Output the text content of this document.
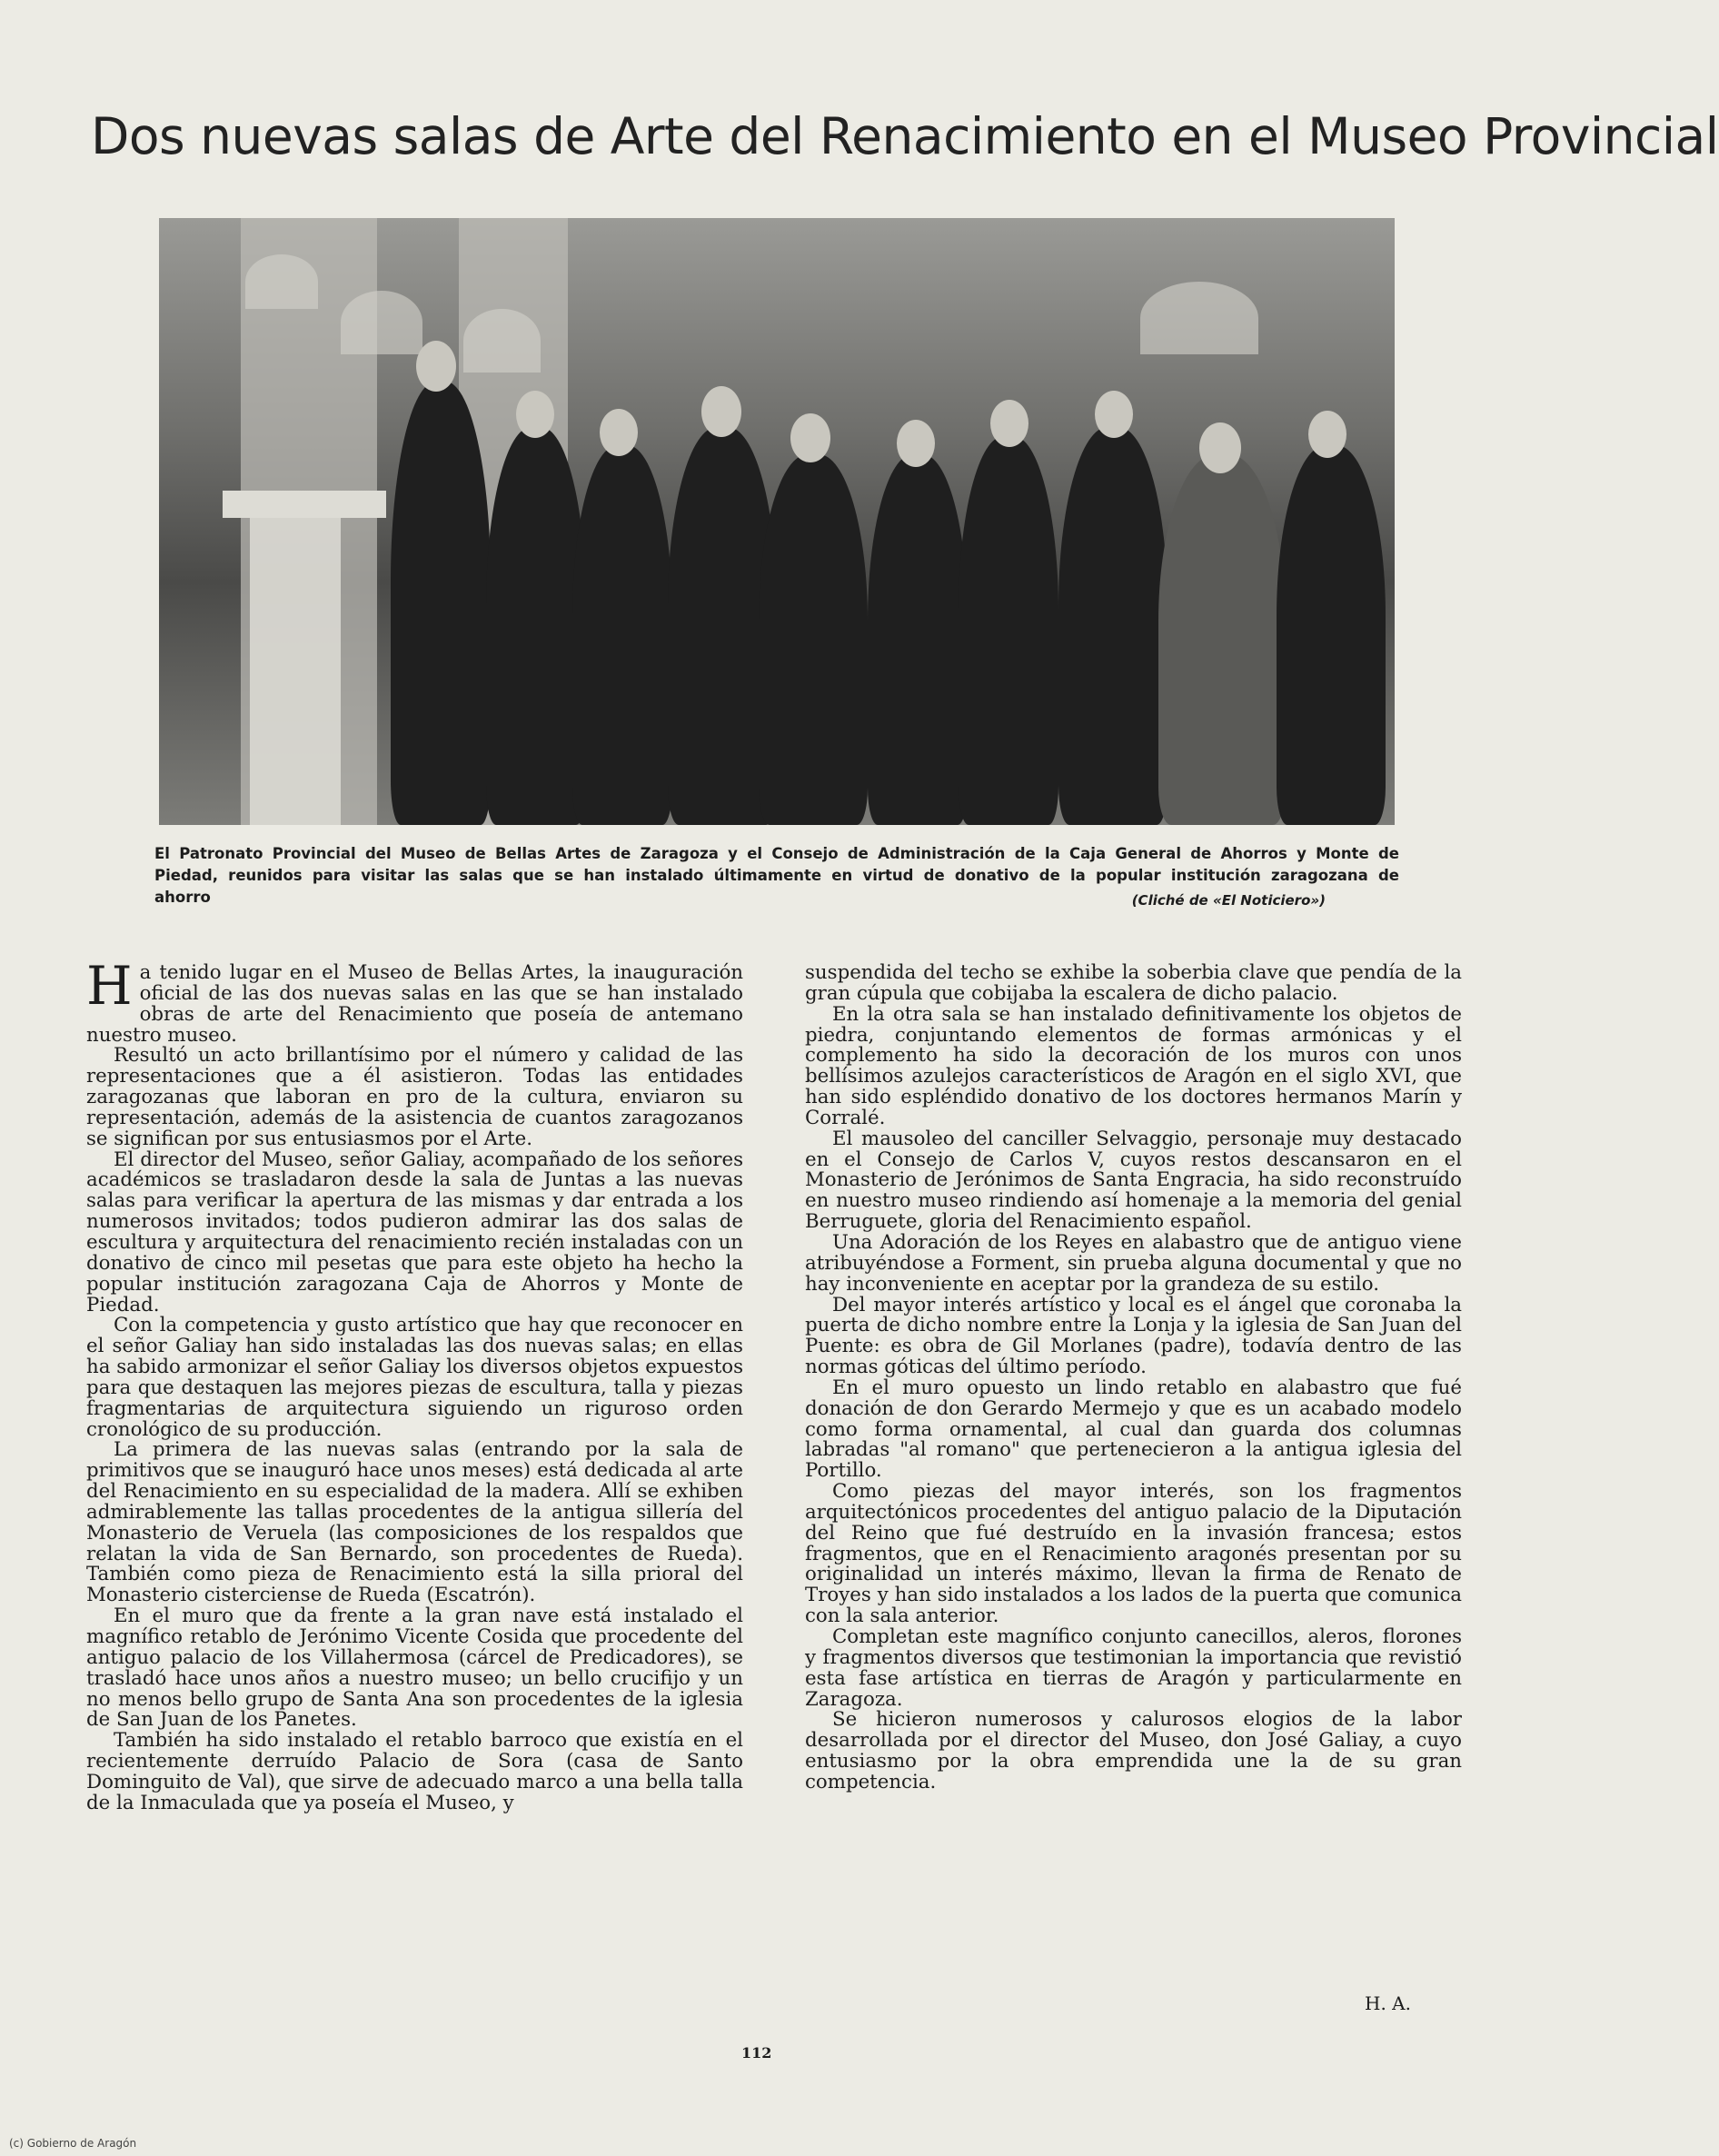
Dos nuevas salas de Arte del Renacimiento en el Museo Provincial
El Patronato Provincial del Museo de Bellas Artes de Zaragoza y el Consejo de Administración de la Caja General de Ahorros y Monte de
Piedad, reunidos para visitar las salas que se han instalado últimamente en virtud de donativo de la popular institución zaragozana de ahorro	(Cliché de «El Noticiero»)

Ha tenido lugar en el Museo de Bellas Artes, la inauguración oficial de las dos nuevas salas en las que se han instalado obras de arte del Renacimiento que poseía de antemano nuestro museo.

Resultó un acto brillantísimo por el número y calidad de las representaciones que a él asistieron. Todas las entidades zaragozanas que laboran en pro de la cultura, enviaron su representación, además de la asistencia de cuantos zaragozanos se significan por sus entusiasmos por el Arte.

El director del Museo, señor Galiay, acompañado de los señores académicos se trasladaron desde la sala de Juntas a las nuevas salas para verificar la apertura de las mismas y dar entrada a los numerosos invitados; todos pudieron admirar las dos salas de escultura y arquitectura del renacimiento recién instaladas con un donativo de cinco mil pesetas que para este objeto ha hecho la popular institución zaragozana Caja de Ahorros y Monte de Piedad.

Con la competencia y gusto artístico que hay que reconocer en el señor Galiay han sido instaladas las dos nuevas salas; en ellas ha sabido armonizar el señor Galiay los diversos objetos expuestos para que destaquen las mejores piezas de escultura, talla y piezas fragmentarias de arquitectura siguiendo un riguroso orden cronológico de su producción.

La primera de las nuevas salas (entrando por la sala de primitivos que se inauguró hace unos meses) está dedicada al arte del Renacimiento en su especialidad de la madera. Allí se exhiben admirablemente las tallas procedentes de la antigua sillería del Monasterio de Veruela (las composiciones de los respaldos que relatan la vida de San Bernardo, son procedentes de Rueda). También como pieza de Renacimiento está la silla prioral del Monasterio cisterciense de Rueda (Escatrón).

En el muro que da frente a la gran nave está instalado el magnífico retablo de Jerónimo Vicente Cosida que procedente del antiguo palacio de los Villahermosa (cárcel de Predicadores), se trasladó hace unos años a nuestro museo; un bello crucifijo y un no menos bello grupo de Santa Ana son procedentes de la iglesia de San Juan de los Panetes.

También ha sido instalado el retablo barroco que existía en el recientemente derruído Palacio de Sora (casa de Santo Dominguito de Val), que sirve de adecuado marco a una bella talla de la Inmaculada que ya poseía el Museo, y

suspendida del techo se exhibe la soberbia clave que pendía de la gran cúpula que cobijaba la escalera de dicho palacio.

En la otra sala se han instalado definitivamente los objetos de piedra, conjuntando elementos de formas armónicas y el complemento ha sido la decoración de los muros con unos bellísimos azulejos característicos de Aragón en el siglo XVI, que han sido espléndido donativo de los doctores hermanos Marín y Corralé.

El mausoleo del canciller Selvaggio, personaje muy destacado en el Consejo de Carlos V, cuyos restos descansaron en el Monasterio de Jerónimos de Santa Engracia, ha sido reconstruído en nuestro museo rindiendo así homenaje a la memoria del genial Berruguete, gloria del Renacimiento español.

Una Adoración de los Reyes en alabastro que de antiguo viene atribuyéndose a Forment, sin prueba alguna documental y que no hay inconveniente en aceptar por la grandeza de su estilo.

Del mayor interés artístico y local es el ángel que coronaba la puerta de dicho nombre entre la Lonja y la iglesia de San Juan del Puente: es obra de Gil Morlanes (padre), todavía dentro de las normas góticas del último período.

En el muro opuesto un lindo retablo en alabastro que fué donación de don Gerardo Mermejo y que es un acabado modelo como forma ornamental, al cual dan guarda dos columnas labradas "al romano" que pertenecieron a la antigua iglesia del Portillo.

Como piezas del mayor interés, son los fragmentos arquitectónicos procedentes del antiguo palacio de la Diputación del Reino que fué destruído en la invasión francesa; estos fragmentos, que en el Renacimiento aragonés presentan por su originalidad un interés máximo, llevan la firma de Renato de Troyes y han sido instalados a los lados de la puerta que comunica con la sala anterior.

Completan este magnífico conjunto canecillos, aleros, florones y fragmentos diversos que testimonian la importancia que revistió esta fase artística en tierras de Aragón y particularmente en Zaragoza.

Se hicieron numerosos y calurosos elogios de la labor desarrollada por el director del Museo, don José Galiay, a cuyo entusiasmo por la obra emprendida une la de su gran competencia.

H. A.
112
(c) Gobierno de Aragón
